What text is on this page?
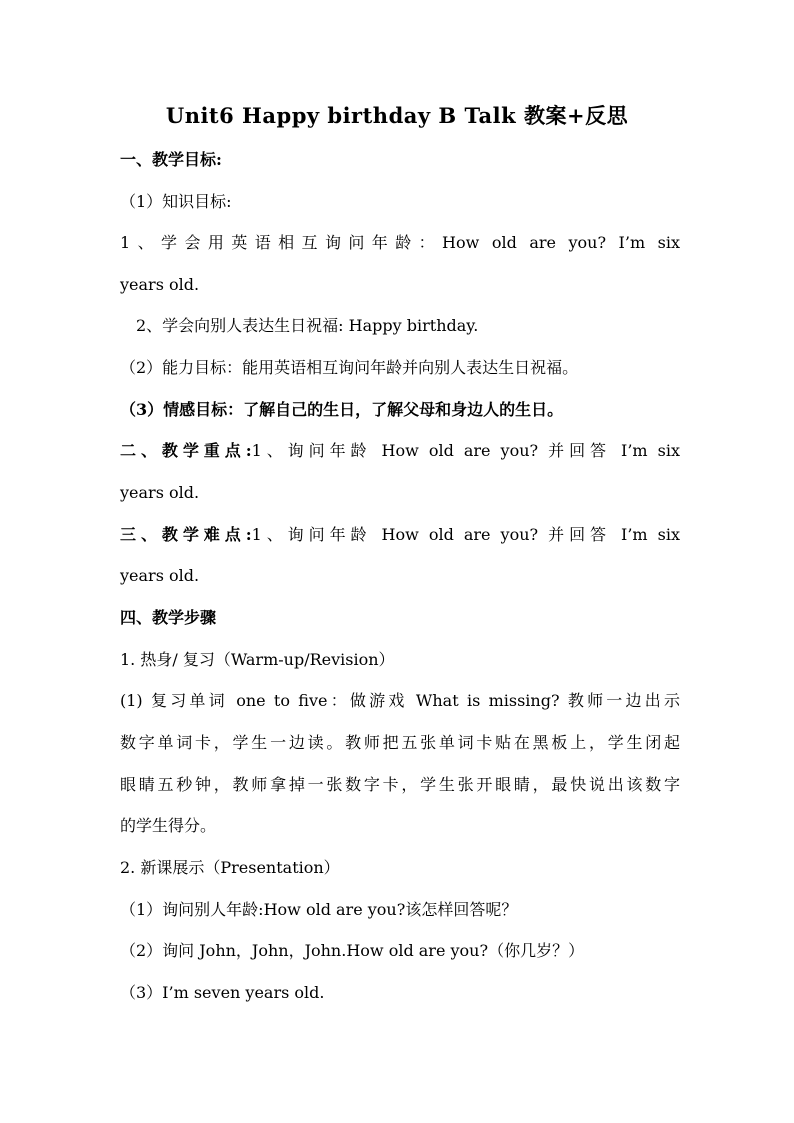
Unit6 Happy birthday B Talk 教案+反思
一、教学目标:
（1）知识目标:
1、学会用英语相互询问年龄：How old are you? I’m six
years old.
2、学会向别人表达生日祝福: Happy birthday.
（2）能力目标：能用英语相互询问年龄并向别人表达生日祝福。
（3）情感目标：了解自己的生日，了解父母和身边人的生日。
二、教学重点:1、询问年龄 How old are you? 并回答 I’m six
years old.
三、教学难点:1、询问年龄 How old are you? 并回答 I’m six
years old.
四、教学步骤
1. 热身/ 复习（Warm-up/Revision）
(1) 复习单词 one to five：做游戏 What is missing? 教师一边出示
数字单词卡，学生一边读。教师把五张单词卡贴在黑板上，学生闭起
眼睛五秒钟，教师拿掉一张数字卡，学生张开眼睛，最快说出该数字
的学生得分。
2. 新课展示（Presentation）
（1）询问别人年龄:How old are you?该怎样回答呢？
（2）询问 John，John，John.How old are you?（你几岁？）
（3）I’m seven years old.
